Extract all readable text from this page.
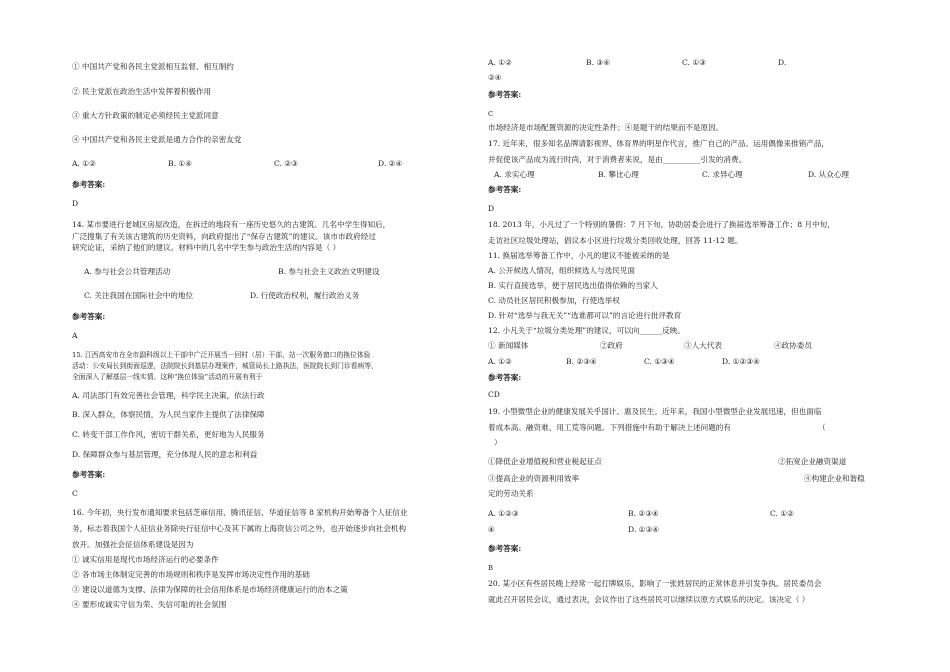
① 中国共产党和各民主党派相互监督、相互制约
② 民主党派在政治生活中发挥着积极作用
③ 重大方针政策的制定必须经民主党派同意
④ 中国共产党和各民主党派是通力合作的亲密友党
A. ①②	B. ①④	C. ②③	D. ②④
参考答案:
D
14. 某市要进行老城区房屋改造，在拆迁的地段有一座历史悠久的古建筑。几名中学生得知后，
广泛搜集了有关该古建筑的历史资料，向政府提出了“保存古建筑”的建议。该市市政府经过
研究论证，采纳了他们的建议。材料中的几名中学生参与政治生活的内容是（ ）
A. 参与社会公共管理活动	B. 参与社会主义政治文明建设
C. 关注我国在国际社会中的地位	D. 行使政治权利，履行政治义务
参考答案:
A
15. 江西高安市在全市副科级以上干部中广泛开展当一回村（居）干部，站一次服务窗口的换位体验
活动：公安局长到街面巡逻，法院院长到基层办理案件，城管局长上路执法，医院院长到门诊看病等，
全面深入了解基层一线实情。这种“换位体验”活动的开展有利于
A. 司法部门有效完善社会管理，科学民主决策，依法行政
B. 深入群众，体察民情，为人民当家作主提供了法律保障
C. 转变干部工作作风，密切干群关系，更好地为人民服务
D. 保障群众参与基层管理，充分体现人民的意志和利益
参考答案:
C
16. 今年初，央行发布通知要求包括芝麻信用、腾讯征信、华道征信等 8 家机构开始筹备个人征信业
务，标志着我国个人征信业务除央行征信中心及其下属的上海资信公司之外，也开始逐步向社会机构
放开。加强社会征信体系建设是因为
① 诚实信用是现代市场经济运行的必要条件
② 各市场主体制定完善的市场规则和秩序是发挥市场决定性作用的基础
③ 建设以道德为支撑、法律为保障的社会信用体系是市场经济健康运行的治本之策
④ 要形成诚实守信为荣、失信可耻的社会氛围
A. ①②	B. ③④	C. ①③	D.
②④
参考答案:
C
市场经济是市场配置资源的决定性条件；④是题干的结果而不是原因。
17. 近年来，很多知名品牌请影视界、体育界的明星作代言，推广自己的产品。运用偶像来推销产品，
并促使该产品成为流行时尚，对于消费者来说，是由__________引发的消费。
A. 求实心理	B. 攀比心理	C. 求异心理	D. 从众心理
参考答案:
D
18. 2013 年，小凡过了一个特别的暑假：7 月下旬，协助居委会进行了换届选举筹备工作；8 月中旬，
走访社区垃圾处理站，倡议本小区进行垃圾分类回收处理，回答 11-12 题。
11. 换届选举筹备工作中，小凡的建议不能被采纳的是
A. 公开候选人情况，组织候选人与选民见面
B. 实行直接选举，便于居民选出值得依赖的当家人
C. 动员社区居民积极参加，行使选举权
D. 针对“选举与我无关”“选谁都可以”的言论进行批评教育
12. 小凡关于“垃圾分类处理”的建议，可以向______反映。
① 新闻媒体	②政府	③人大代表	④政协委员
A. ①②	B. ②③④	C. ①③④	D. ①②③④
参考答案:
CD
19. 小型微型企业的健康发展关乎国计、惠及民生。近年来，我国小型微型企业发展迅速，但也面临
着成本高、融资难、用工荒等问题。下列措施中有助于解决上述问题的有	（
）
①降低企业增值税和营业税起征点	②拓宽企业融资渠道
③提高企业的资源利用效率	④构建企业和谐稳
定的劳动关系
A. ①②③	B. ②③④	C. ①②
④	D. ①③④
参考答案:
B
20. 某小区有些居民晚上经常一起打牌娱乐，影响了一张姓居民的正常休息并引发争执。居民委员会
就此召开居民会议，通过表决，会议作出了这些居民可以继续以原方式娱乐的决定。该决定（ ）
